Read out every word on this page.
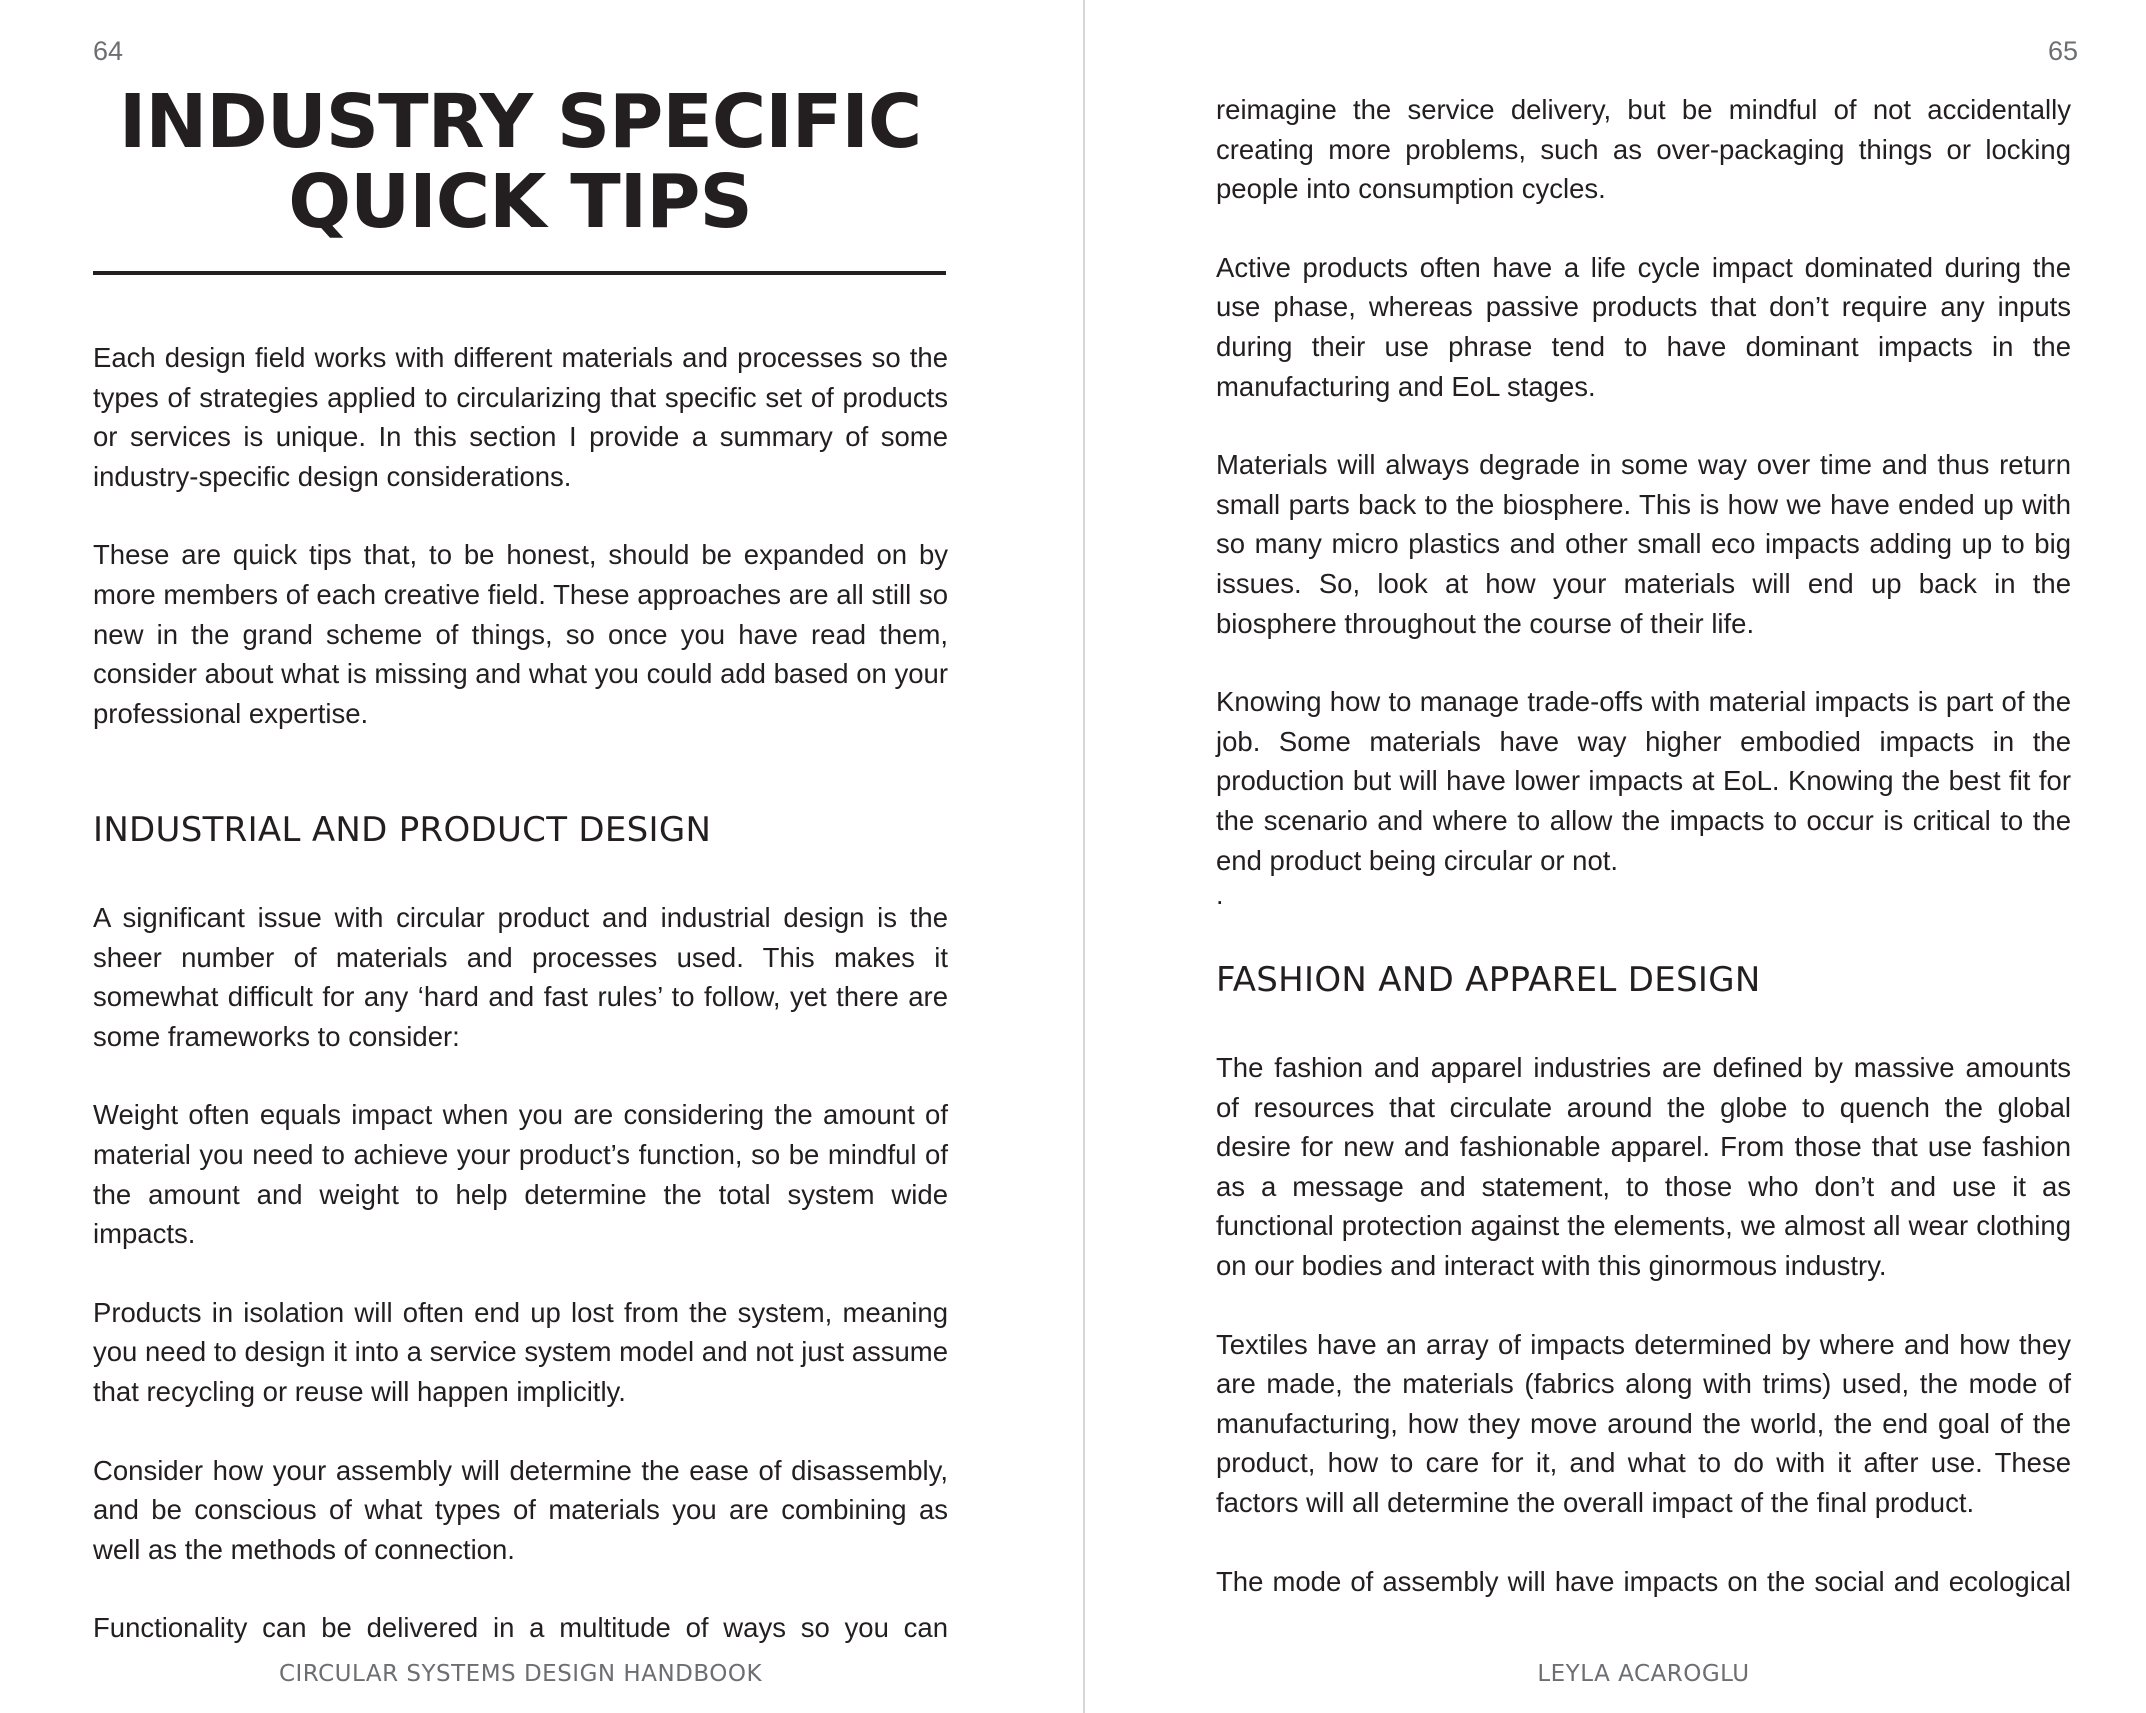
64
INDUSTRY SPECIFIC
QUICK TIPS

Each design field works with different materials and processes so the types of strategies applied to circularizing that specific set of products or services is unique. In this section I provide a summary of some industry-specific design considerations.

These are quick tips that, to be honest, should be expanded on by more members of each creative field. These approaches are all still so new in the grand scheme of things, so once you have read them, consider about what is missing and what you could add based on your professional expertise.

INDUSTRIAL AND PRODUCT DESIGN

A significant issue with circular product and industrial design is the sheer number of materials and processes used. This makes it somewhat difficult for any ‘hard and fast rules’ to follow, yet there are some frameworks to consider:

Weight often equals impact when you are considering the amount of material you need to achieve your product’s function, so be mindful of the amount and weight to help determine the total system wide impacts.

Products in isolation will often end up lost from the system, meaning you need to design it into a service system model and not just assume that recycling or reuse will happen implicitly.

Consider how your assembly will determine the ease of disassembly, and be conscious of what types of materials you are combining as well as the methods of connection.

Functionality can be delivered in a multitude of ways so you can

CIRCULAR SYSTEMS DESIGN HANDBOOK
65

reimagine the service delivery, but be mindful of not accidentally creating more problems, such as over-packaging things or locking people into consumption cycles.

Active products often have a life cycle impact dominated during the use phase, whereas passive products that don’t require any inputs during their use phrase tend to have dominant impacts in the manufacturing and EoL stages.

Materials will always degrade in some way over time and thus return small parts back to the biosphere. This is how we have ended up with so many micro plastics and other small eco impacts adding up to big issues. So, look at how your materials will end up back in the biosphere throughout the course of their life.

Knowing how to manage trade-offs with material impacts is part of the job. Some materials have way higher embodied impacts in the production but will have lower impacts at EoL. Knowing the best fit for the scenario and where to allow the impacts to occur is critical to the end product being circular or not.

.
FASHION AND APPAREL DESIGN

The fashion and apparel industries are defined by massive amounts of resources that circulate around the globe to quench the global desire for new and fashionable apparel. From those that use fashion as a message and statement, to those who don’t and use it as functional protection against the elements, we almost all wear clothing on our bodies and interact with this ginormous industry.

Textiles have an array of impacts determined by where and how they are made, the materials (fabrics along with trims) used, the mode of manufacturing, how they move around the world, the end goal of the product, how to care for it, and what to do with it after use. These factors will all determine the overall impact of the final product.

The mode of assembly will have impacts on the social and ecological

LEYLA ACAROGLU
